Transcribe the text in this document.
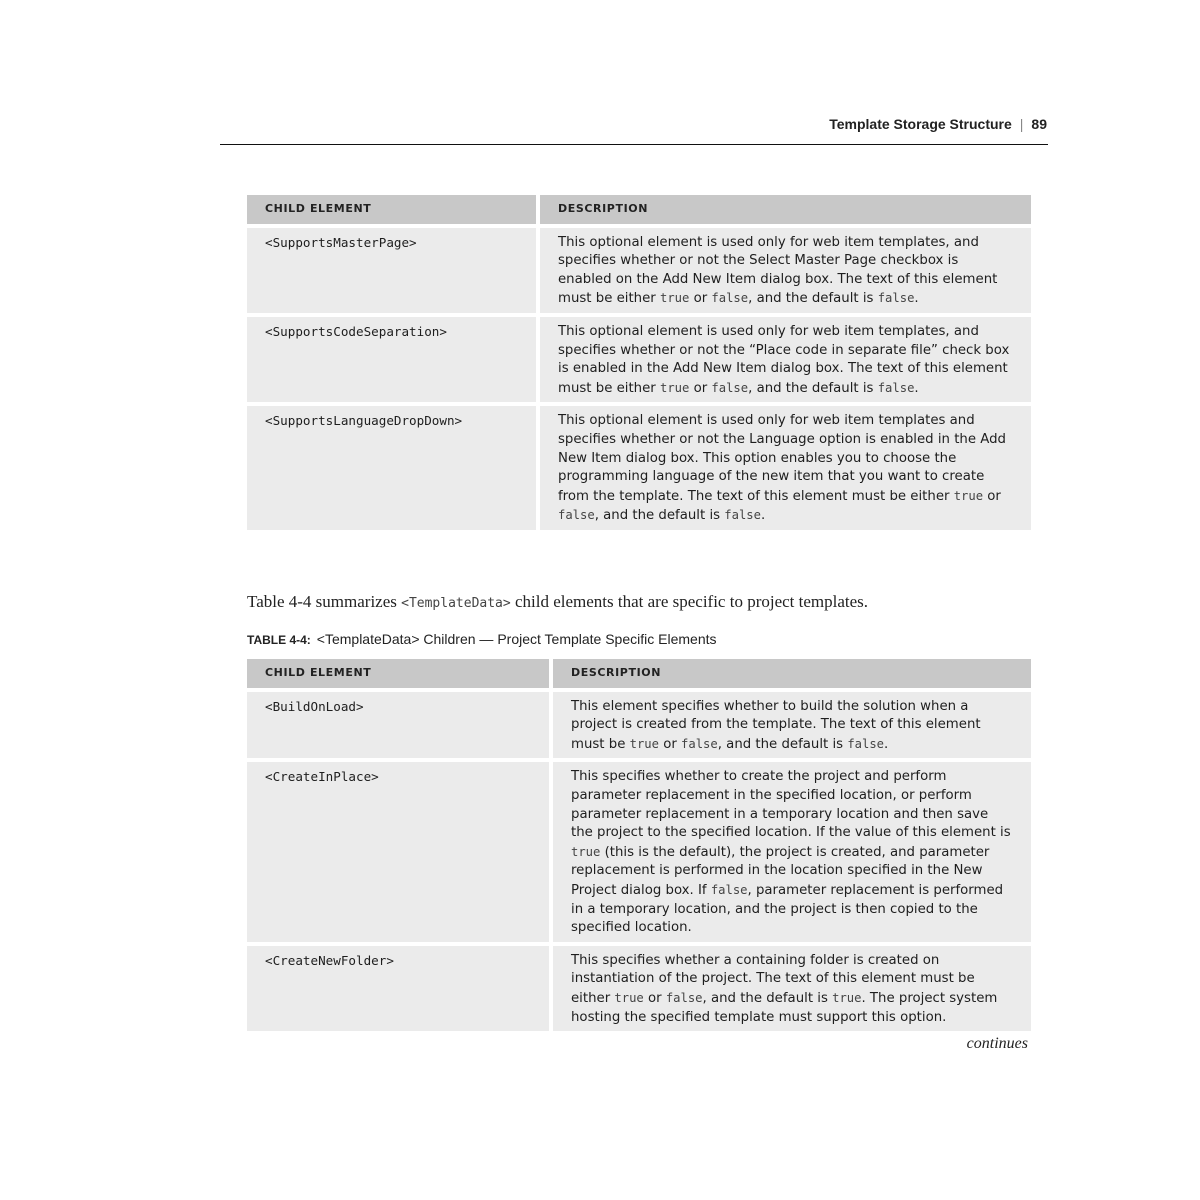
Template Storage Structure | 89
CHILD ELEMENT	DESCRIPTION
<SupportsMasterPage>	This optional element is used only for web item templates, and specifies whether or not the Select Master Page checkbox is enabled on the Add New Item dialog box. The text of this element must be either true or false, and the default is false.
<SupportsCodeSeparation>	This optional element is used only for web item templates, and specifies whether or not the “Place code in separate file” check box is enabled in the Add New Item dialog box. The text of this element must be either true or false, and the default is false.
<SupportsLanguageDropDown>	This optional element is used only for web item templates and specifies whether or not the Language option is enabled in the Add New Item dialog box. This option enables you to choose the programming language of the new item that you want to create from the template. The text of this element must be either true or false, and the default is false.

Table 4-4 summarizes <TemplateData> child elements that are specific to project templates.

TABLE 4-4: <TemplateData> Children — Project Template Specific Elements
CHILD ELEMENT	DESCRIPTION
<BuildOnLoad>	This element specifies whether to build the solution when a project is created from the template. The text of this element must be true or false, and the default is false.
<CreateInPlace>	This specifies whether to create the project and perform parameter replacement in the specified location, or perform parameter replacement in a temporary location and then save the project to the specified location. If the value of this element is true (this is the default), the project is created, and parameter replacement is performed in the location specified in the New Project dialog box. If false, parameter replacement is performed in a temporary location, and the project is then copied to the specified location.
<CreateNewFolder>	This specifies whether a containing folder is created on instantiation of the project. The text of this element must be either true or false, and the default is true. The project system hosting the specified template must support this option.
continues
